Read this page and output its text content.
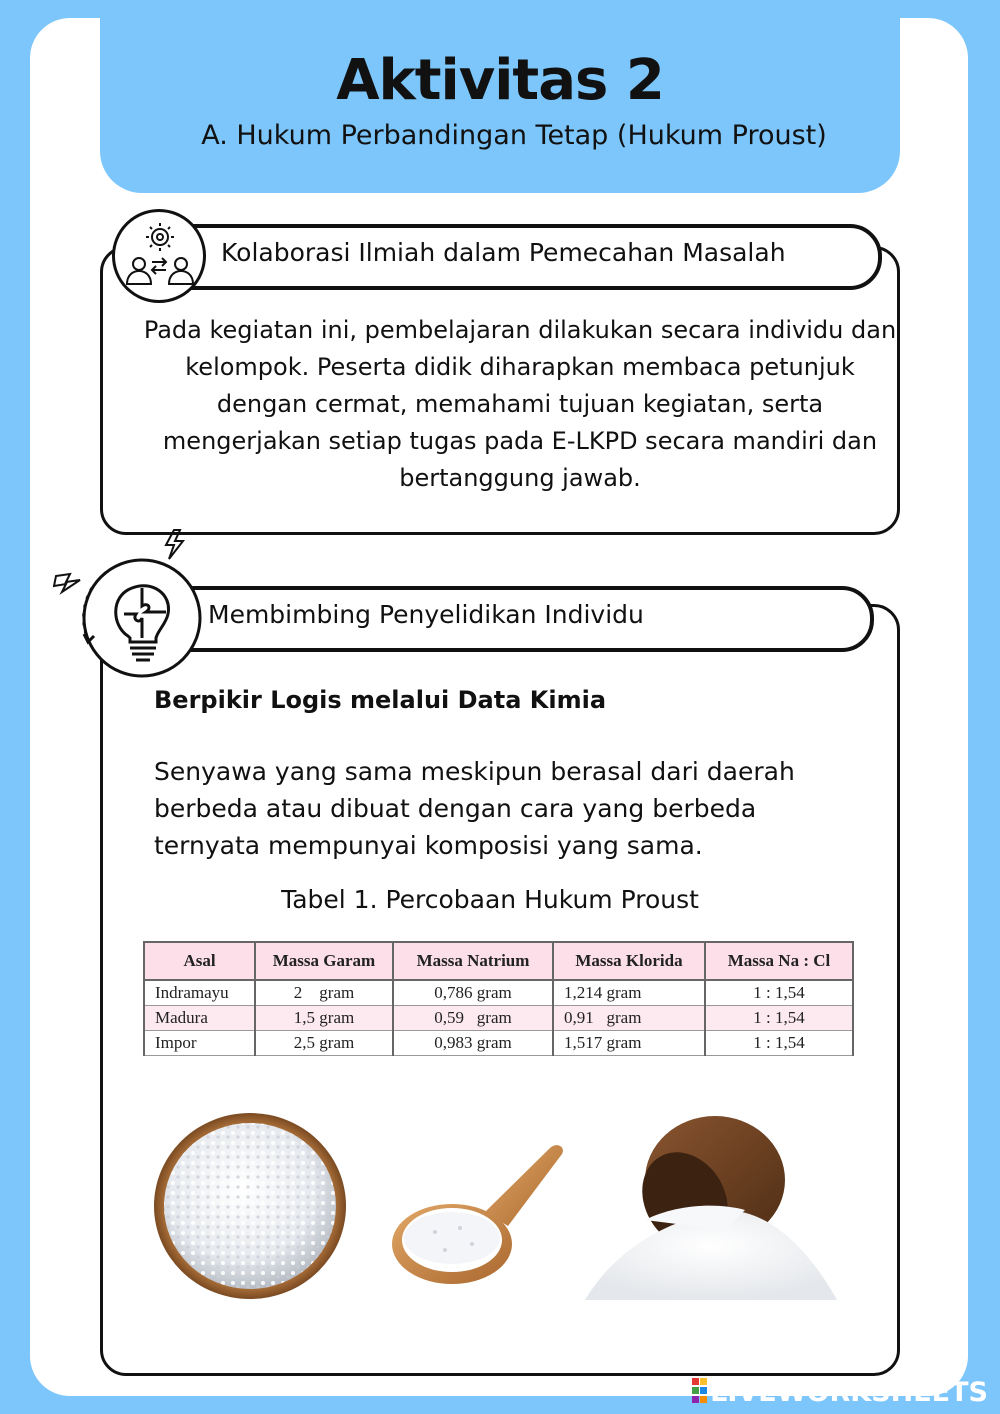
Aktivitas 2
A. Hukum Perbandingan Tetap (Hukum Proust)
Kolaborasi Ilmiah dalam Pemecahan Masalah
Pada kegiatan ini, pembelajaran dilakukan secara individu dan kelompok. Peserta didik diharapkan membaca petunjuk dengan cermat, memahami tujuan kegiatan, serta mengerjakan setiap tugas pada E-LKPD secara mandiri dan bertanggung jawab.
Membimbing Penyelidikan Individu
Berpikir Logis melalui Data Kimia
Senyawa yang sama meskipun berasal dari daerah berbeda atau dibuat dengan cara yang berbeda ternyata mempunyai komposisi yang sama.
Tabel 1. Percobaan Hukum Proust
Asal	Massa Garam	Massa Natrium	Massa Klorida	Massa Na : Cl
Indramayu	2    gram	0,786 gram	1,214 gram	1 : 1,54
Madura	1,5 gram	0,59   gram	0,91   gram	1 : 1,54
Impor	2,5 gram	0,983 gram	1,517 gram	1 : 1,54
LIVEWORKSHEETS
